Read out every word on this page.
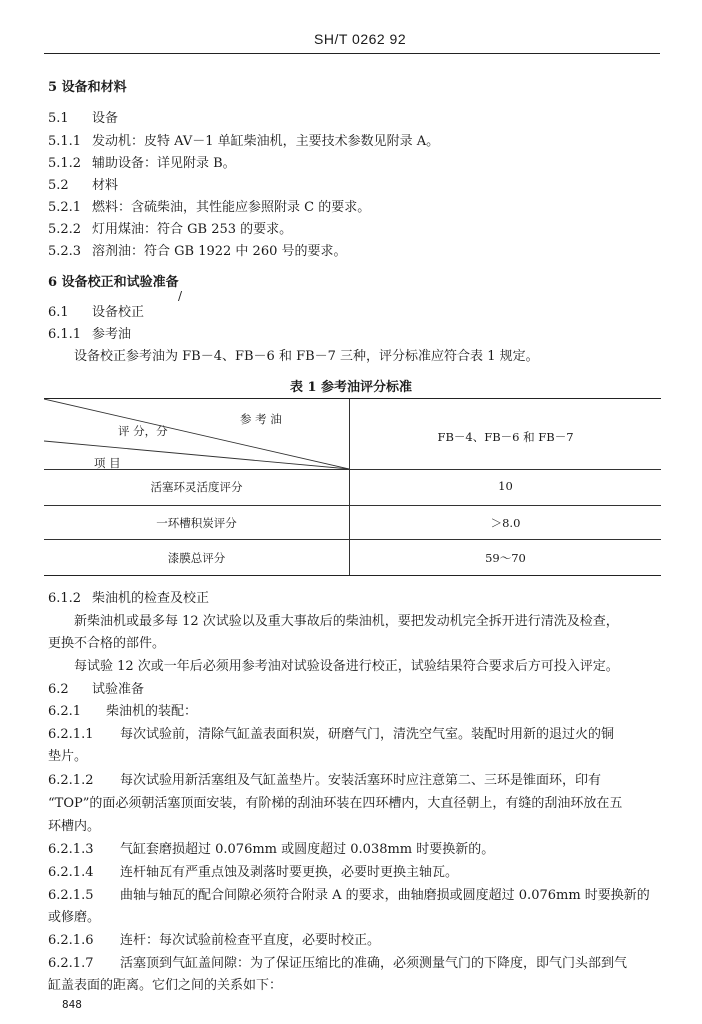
SH/T 0262 92
5 设备和材料
5.1 设备
5.1.1 发动机：皮特 AV－1 单缸柴油机，主要技术参数见附录 A。
5.1.2 辅助设备：详见附录 B。
5.2 材料
5.2.1 燃料：含硫柴油，其性能应参照附录 C 的要求。
5.2.2 灯用煤油：符合 GB 253 的要求。
5.2.3 溶剂油：符合 GB 1922 中 260 号的要求。
6 设备校正和试验准备
/
6.1 设备校正
6.1.1 参考油
设备校正参考油为 FB－4、FB－6 和 FB－7 三种，评分标准应符合表 1 规定。
表 1 参考油评分标准
参 考 油
评 分，分
项 目
FB－4、FB－6 和 FB－7
活塞环灵活度评分	10
一环槽积炭评分	＞8.0
漆膜总评分	59～70
6.1.2 柴油机的检查及校正
新柴油机或最多每 12 次试验以及重大事故后的柴油机，要把发动机完全拆开进行清洗及检查，
更换不合格的部件。
每试验 12 次或一年后必须用参考油对试验设备进行校正，试验结果符合要求后方可投入评定。
6.2 试验准备
6.2.1 柴油机的装配：
6.2.1.1 每次试验前，清除气缸盖表面积炭，研磨气门，清洗空气室。装配时用新的退过火的铜
垫片。
6.2.1.2 每次试验用新活塞组及气缸盖垫片。安装活塞环时应注意第二、三环是锥面环，印有
“TOP”的面必须朝活塞顶面安装，有阶梯的刮油环装在四环槽内，大直径朝上，有缝的刮油环放在五
环槽内。
6.2.1.3 气缸套磨损超过 0.076mm 或圆度超过 0.038mm 时要换新的。
6.2.1.4 连杆轴瓦有严重点蚀及剥落时要更换，必要时更换主轴瓦。
6.2.1.5 曲轴与轴瓦的配合间隙必须符合附录 A 的要求，曲轴磨损或圆度超过 0.076mm 时要换新的
或修磨。
6.2.1.6 连杆：每次试验前检查平直度，必要时校正。
6.2.1.7 活塞顶到气缸盖间隙：为了保证压缩比的准确，必须测量气门的下降度，即气门头部到气
缸盖表面的距离。它们之间的关系如下：
848
